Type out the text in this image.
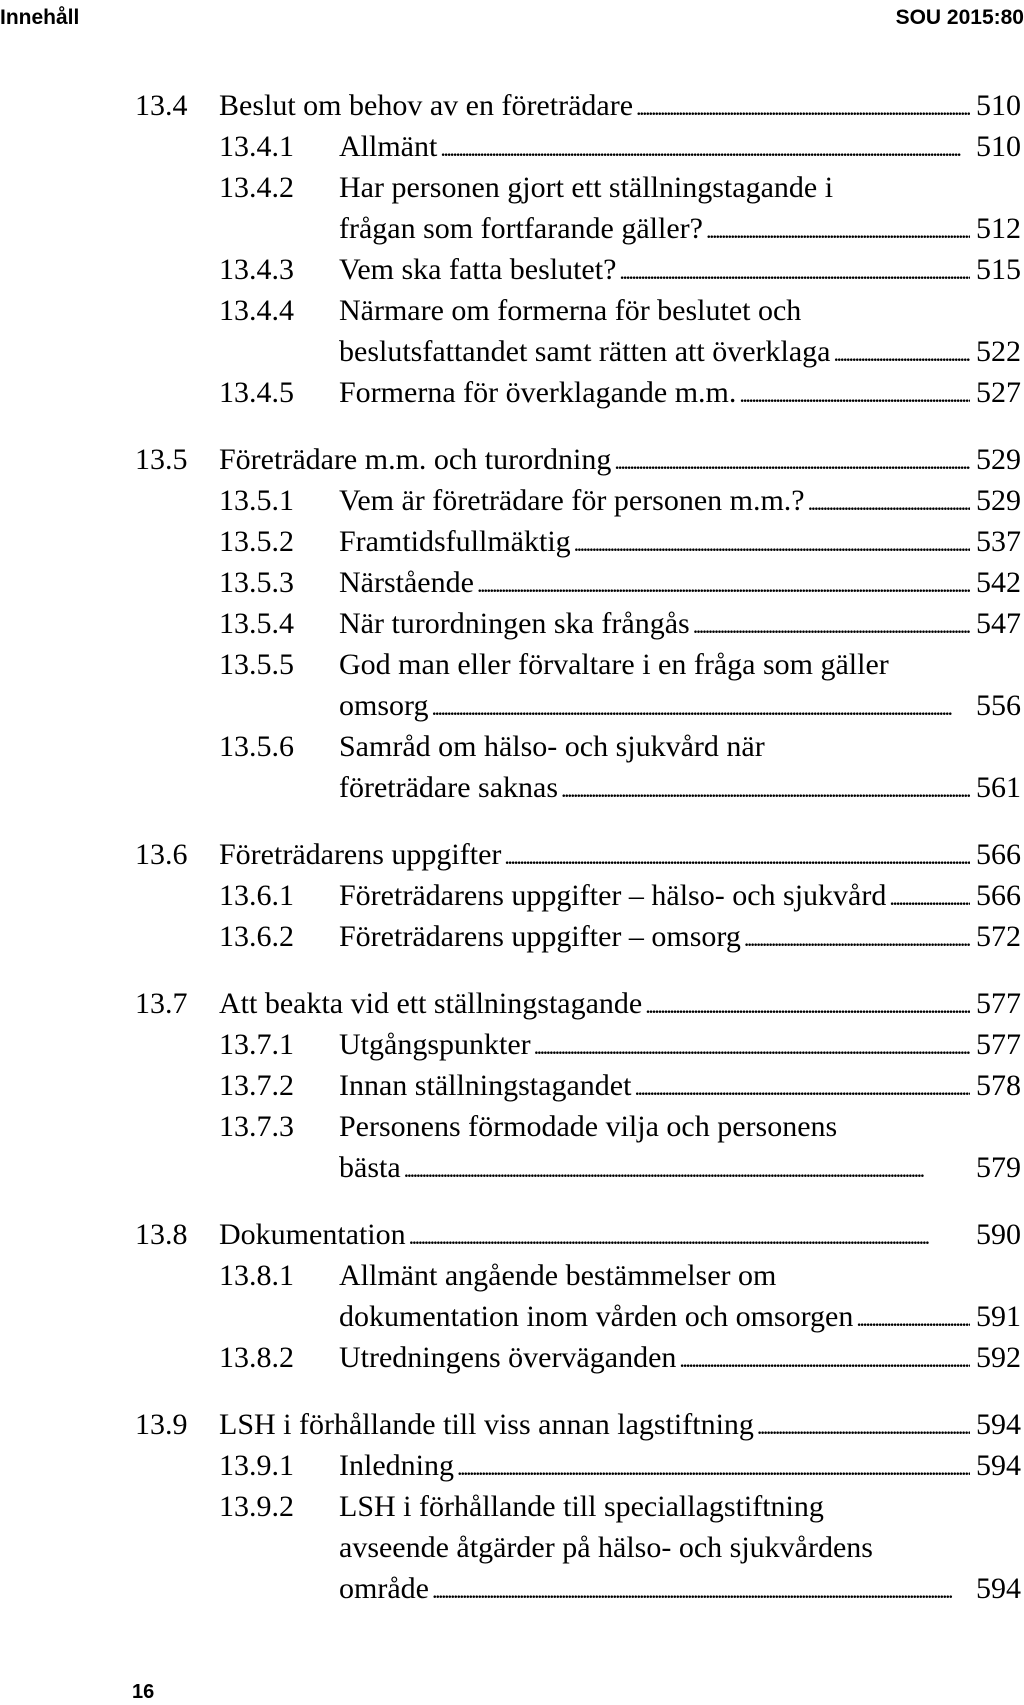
Innehåll	SOU 2015:80
13.4 Beslut om behov av en företrädare . . .	510
13.4.1 Allmänt . . .	510
13.4.2 Har personen gjort ett ställningstagande i
frågan som fortfarande gäller? . . .	512
13.4.3 Vem ska fatta beslutet? . . .	515
13.4.4 Närmare om formerna för beslutet och
beslutsfattandet samt rätten att överklaga . . .	522
13.4.5 Formerna för överklagande m.m. . . .	527
13.5 Företrädare m.m. och turordning . . .	529
13.5.1 Vem är företrädare för personen m.m.? . . .	529
13.5.2 Framtidsfullmäktig . . .	537
13.5.3 Närstående . . .	542
13.5.4 När turordningen ska frångås . . .	547
13.5.5 God man eller förvaltare i en fråga som gäller
omsorg . . .	556
13.5.6 Samråd om hälso- och sjukvård när
företrädare saknas . . .	561
13.6 Företrädarens uppgifter . . .	566
13.6.1 Företrädarens uppgifter – hälso- och sjukvård . . .	566
13.6.2 Företrädarens uppgifter – omsorg . . .	572
13.7 Att beakta vid ett ställningstagande . . .	577
13.7.1 Utgångspunkter . . .	577
13.7.2 Innan ställningstagandet . . .	578
13.7.3 Personens förmodade vilja och personens
bästa . . .	579
13.8 Dokumentation . . .	590
13.8.1 Allmänt angående bestämmelser om
dokumentation inom vården och omsorgen . . .	591
13.8.2 Utredningens överväganden . . .	592
13.9 LSH i förhållande till viss annan lagstiftning . . .	594
13.9.1 Inledning . . .	594
13.9.2 LSH i förhållande till speciallagstiftning
avseende åtgärder på hälso- och sjukvårdens
område . . .	594
16
